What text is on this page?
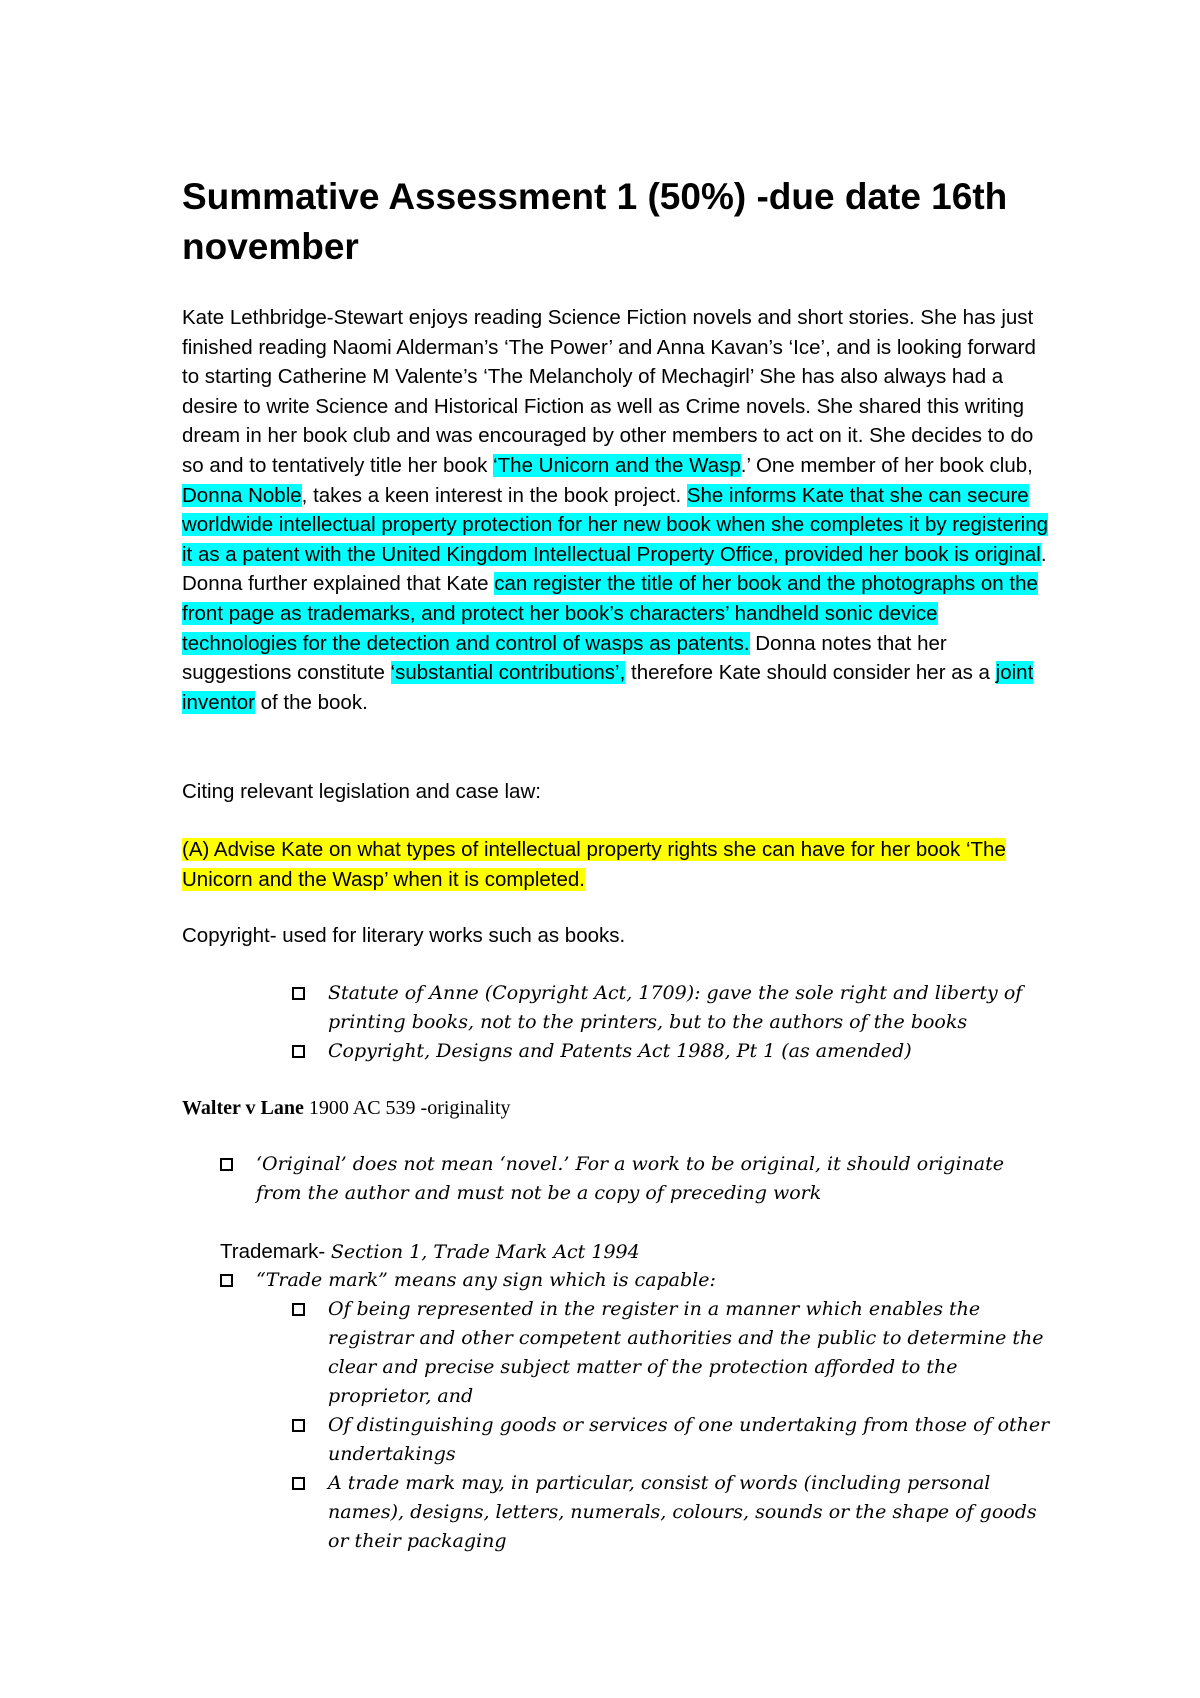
Summative Assessment 1 (50%) -due date 16th november

Kate Lethbridge-Stewart enjoys reading Science Fiction novels and short stories. She has just finished reading Naomi Alderman’s ‘The Power’ and Anna Kavan’s ‘Ice’, and is looking forward to starting Catherine M Valente’s ‘The Melancholy of Mechagirl’ She has also always had a desire to write Science and Historical Fiction as well as Crime novels. She shared this writing dream in her book club and was encouraged by other members to act on it. She decides to do so and to tentatively title her book ‘The Unicorn and the Wasp.’ One member of her book club, Donna Noble, takes a keen interest in the book project. She informs Kate that she can secure worldwide intellectual property protection for her new book when she completes it by registering it as a patent with the United Kingdom Intellectual Property Office, provided her book is original. Donna further explained that Kate can register the title of her book and the photographs on the front page as trademarks, and protect her book’s characters’ handheld sonic device technologies for the detection and control of wasps as patents. Donna notes that her suggestions constitute ‘substantial contributions’, therefore Kate should consider her as a joint inventor of the book.

Citing relevant legislation and case law:

(A) Advise Kate on what types of intellectual property rights she can have for her book ‘The Unicorn and the Wasp’ when it is completed.

Copyright- used for literary works such as books.

Statute of Anne (Copyright Act, 1709): gave the sole right and liberty of printing books, not to the printers, but to the authors of the books
Copyright, Designs and Patents Act 1988, Pt 1 (as amended)

Walter v Lane 1900 AC 539 -originality

‘Original’ does not mean ‘novel.’ For a work to be original, it should originate from the author and must not be a copy of preceding work

Trademark- Section 1, Trade Mark Act 1994

“Trade mark” means any sign which is capable:
Of being represented in the register in a manner which enables the registrar and other competent authorities and the public to determine the clear and precise subject matter of the protection afforded to the proprietor, and
Of distinguishing goods or services of one undertaking from those of other undertakings
A trade mark may, in particular, consist of words (including personal names), designs, letters, numerals, colours, sounds or the shape of goods or their packaging
